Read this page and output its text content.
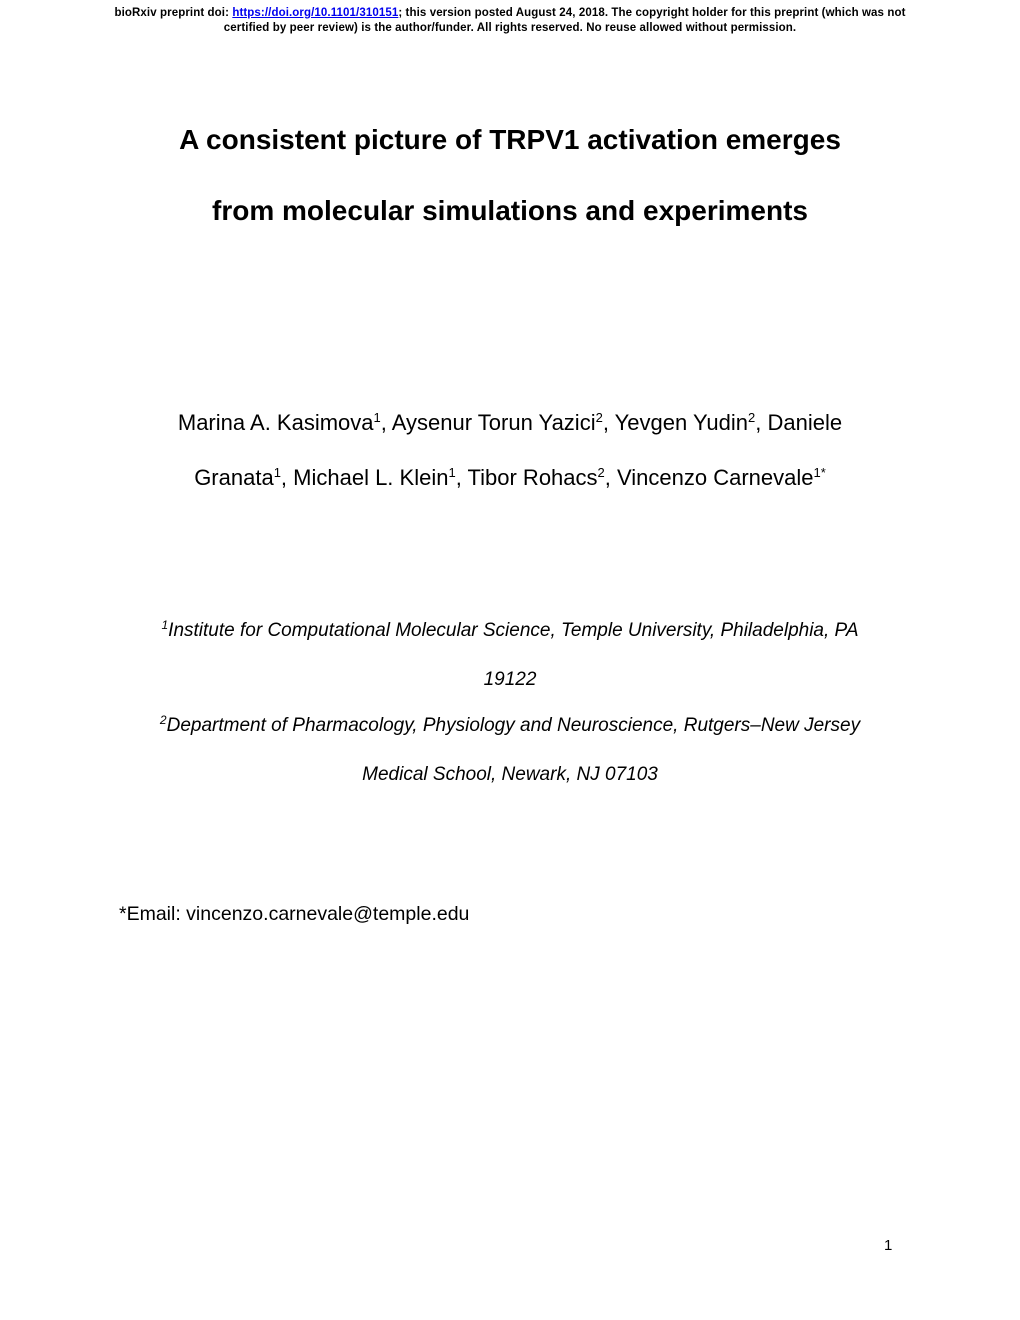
bioRxiv preprint doi: https://doi.org/10.1101/310151; this version posted August 24, 2018. The copyright holder for this preprint (which was not
certified by peer review) is the author/funder. All rights reserved. No reuse allowed without permission.
A consistent picture of TRPV1 activation emerges
from molecular simulations and experiments
Marina A. Kasimova$^1$, Aysenur Torun Yazici$^2$, Yevgen Yudin$^2$, Daniele
Granata$^1$, Michael L. Klein$^1$, Tibor Rohacs$^2$, Vincenzo Carnevale$^{1*}$
$^1$Institute for Computational Molecular Science, Temple University, Philadelphia, PA
19122
$^2$Department of Pharmacology, Physiology and Neuroscience, Rutgers–New Jersey
Medical School, Newark, NJ 07103
*Email: vincenzo.carnevale@temple.edu
1
